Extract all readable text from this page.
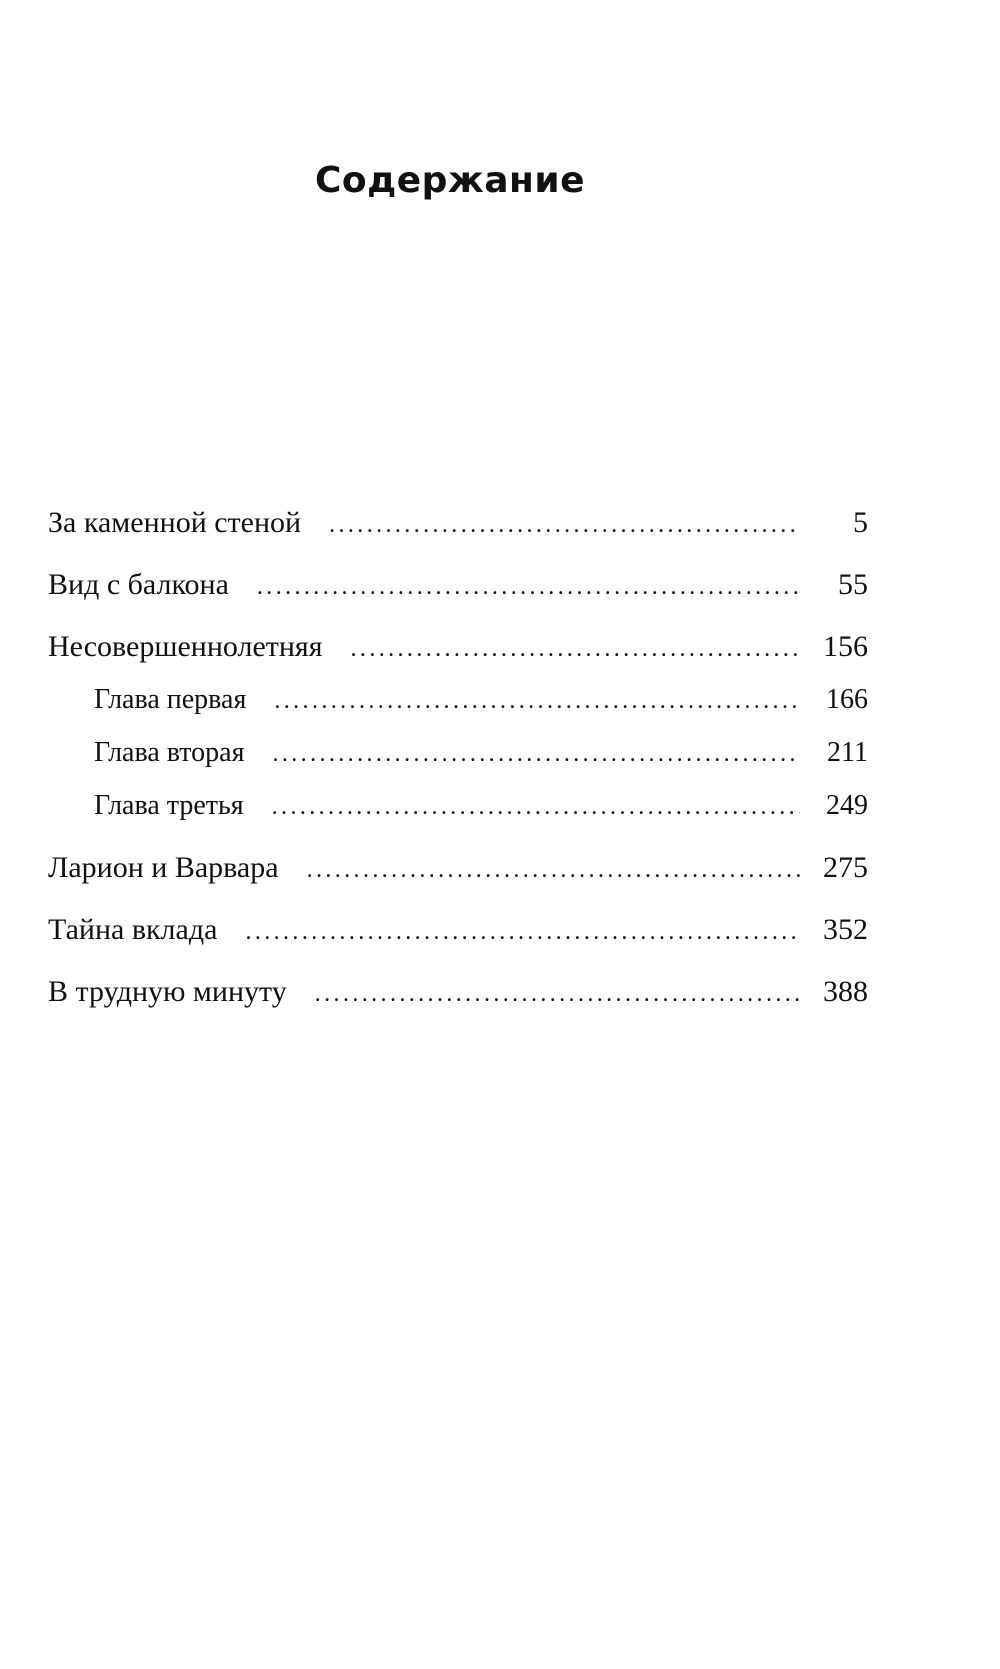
Содержание
За каменной стеной .....	5
Вид с балкона .....	55
Несовершеннолетняя .....	156
Глава первая .....	166
Глава вторая .....	211
Глава третья .....	249
Ларион и Варвара .....	275
Тайна вклада .....	352
В трудную минуту .....	388
